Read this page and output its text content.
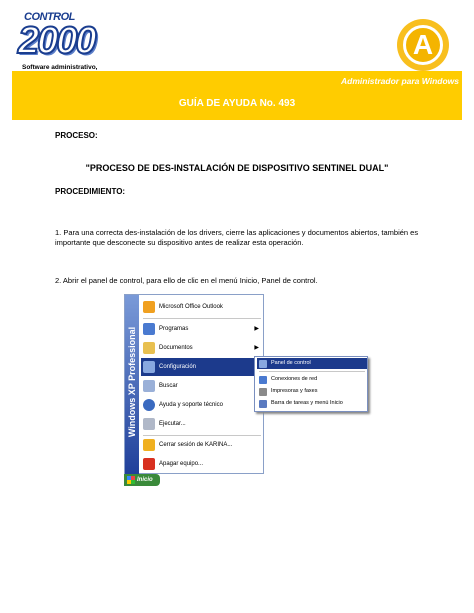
CONTROL
2000
Software administrativo,
A
Administrador para Windows
GUÍA DE AYUDA No. 493
PROCESO:
"PROCESO DE DES-INSTALACIÓN DE DISPOSITIVO SENTINEL DUAL"
PROCEDIMIENTO:
1. Para una correcta des-instalación de los drivers, cierre las aplicaciones y documentos abiertos, también es importante que desconecte su dispositivo antes de realizar esta operación.
2. Abrir el panel de control, para ello de clic en el menú Inicio, Panel de control.
Windows XP Professional
Microsoft Office Outlook
Programas	▶
Documentos	▶
Configuración
Buscar
Ayuda y soporte técnico
Ejecutar...
Cerrar sesión de KARINA...
Apagar equipo...
Panel de control
Conexiones de red
Impresoras y faxes
Barra de tareas y menú Inicio
Inicio
